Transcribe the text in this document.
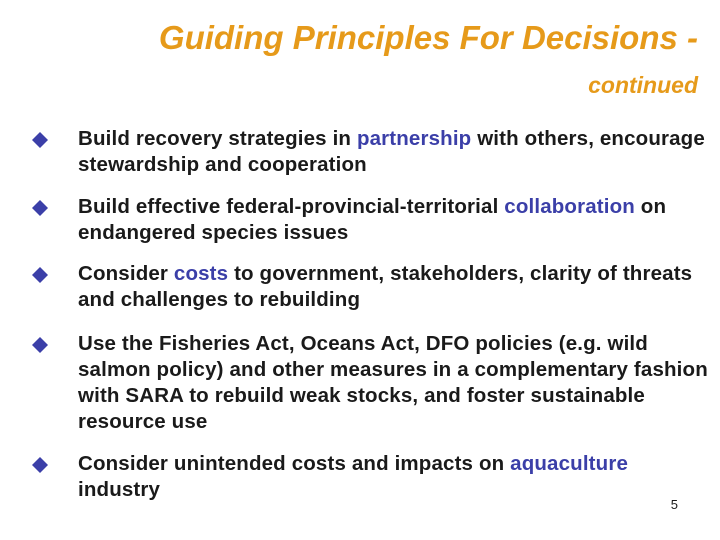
Guiding Principles For Decisions -
continued
Build recovery strategies in partnership with others, encourage stewardship and cooperation
Build effective federal-provincial-territorial collaboration on endangered species issues
Consider costs to government, stakeholders, clarity of threats and challenges to rebuilding
Use the Fisheries Act, Oceans Act, DFO policies (e.g. wild salmon policy) and other measures in a complementary fashion with SARA to rebuild weak stocks, and foster sustainable resource use
Consider unintended costs and impacts on aquaculture industry

5
